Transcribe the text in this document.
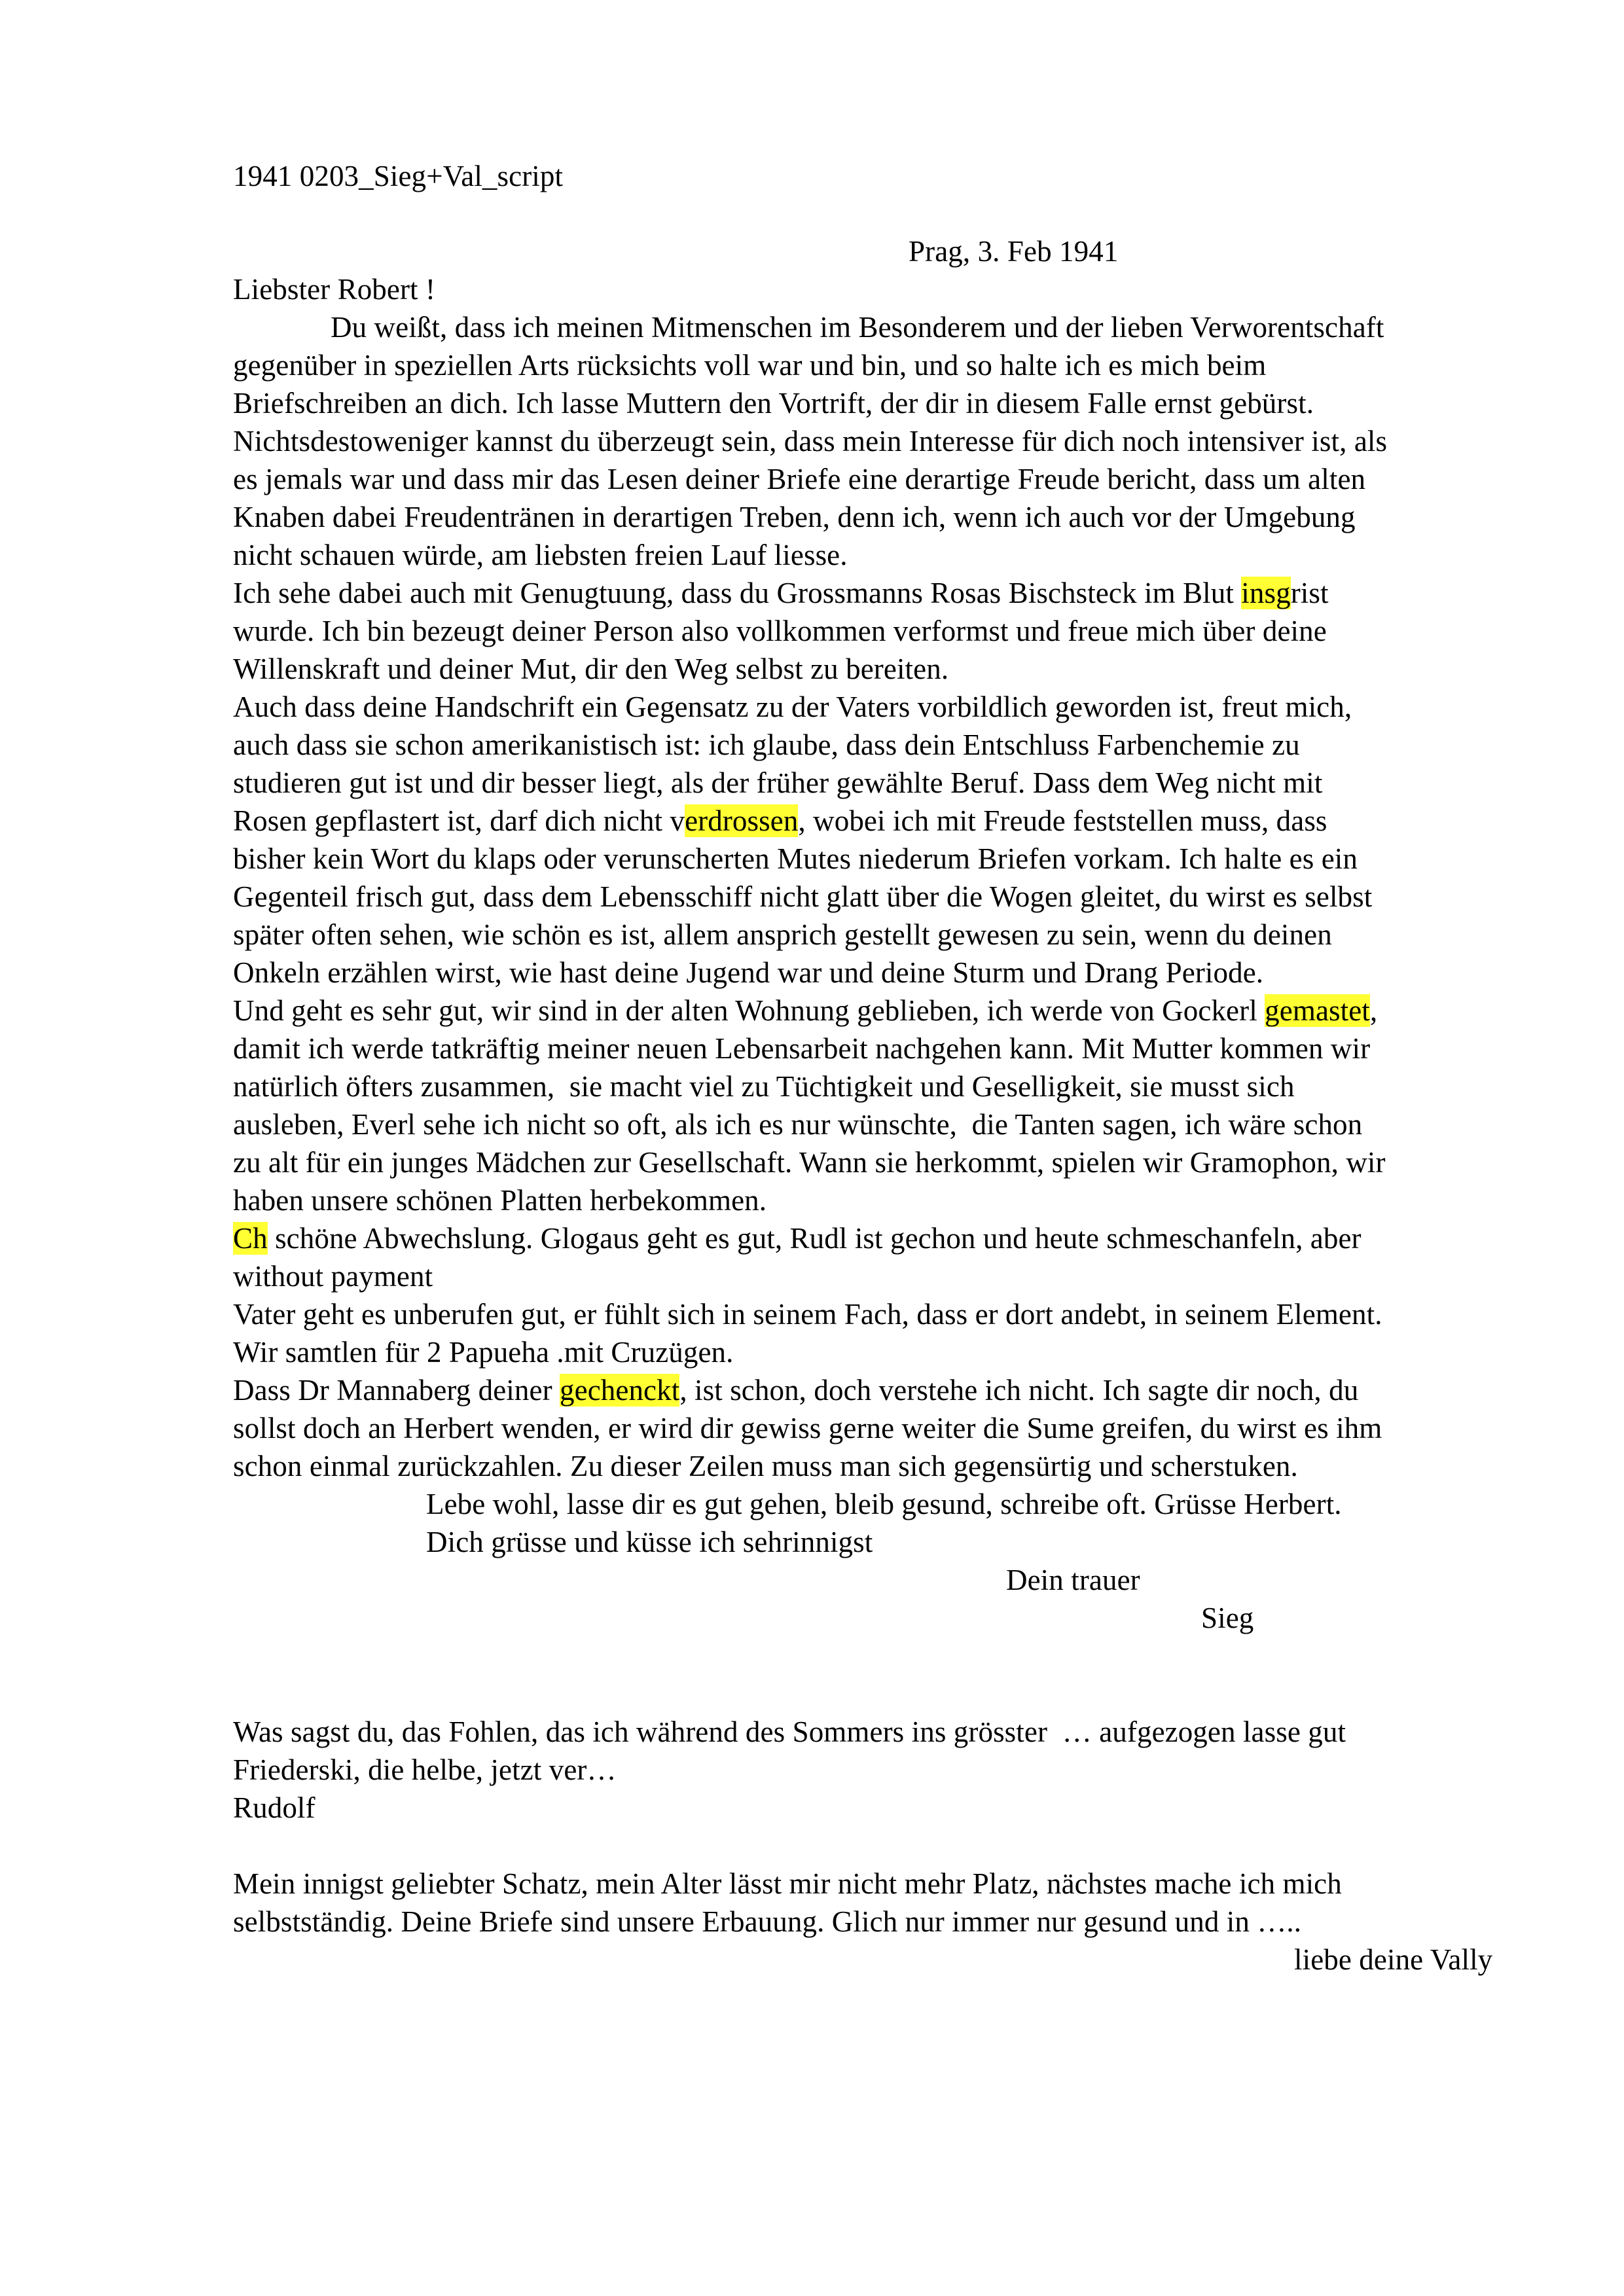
1941 0203_Sieg+Val_script
Prag, 3. Feb 1941
Liebster Robert !
Du weißt, dass ich meinen Mitmenschen im Besonderem und der lieben Verworentschaft
gegenüber in speziellen Arts rücksichts voll war und bin, und so halte ich es mich beim
Briefschreiben an dich. Ich lasse Muttern den Vortrift, der dir in diesem Falle ernst gebürst.
Nichtsdestoweniger kannst du überzeugt sein, dass mein Interesse für dich noch intensiver ist, als
es jemals war und dass mir das Lesen deiner Briefe eine derartige Freude bericht, dass um alten
Knaben dabei Freudentränen in derartigen Treben, denn ich, wenn ich auch vor der Umgebung
nicht schauen würde, am liebsten freien Lauf liesse.
Ich sehe dabei auch mit Genugtuung, dass du Grossmanns Rosas Bischsteck im Blut insgrist
wurde. Ich bin bezeugt deiner Person also vollkommen verformst und freue mich über deine
Willenskraft und deiner Mut, dir den Weg selbst zu bereiten.
Auch dass deine Handschrift ein Gegensatz zu der Vaters vorbildlich geworden ist, freut mich,
auch dass sie schon amerikanistisch ist: ich glaube, dass dein Entschluss Farbenchemie zu
studieren gut ist und dir besser liegt, als der früher gewählte Beruf. Dass dem Weg nicht mit
Rosen gepflastert ist, darf dich nicht verdrossen, wobei ich mit Freude feststellen muss, dass
bisher kein Wort du klaps oder verunscherten Mutes niederum Briefen vorkam. Ich halte es ein
Gegenteil frisch gut, dass dem Lebensschiff nicht glatt über die Wogen gleitet, du wirst es selbst
später often sehen, wie schön es ist, allem ansprich gestellt gewesen zu sein, wenn du deinen
Onkeln erzählen wirst, wie hast deine Jugend war und deine Sturm und Drang Periode.
Und geht es sehr gut, wir sind in der alten Wohnung geblieben, ich werde von Gockerl gemastet,
damit ich werde tatkräftig meiner neuen Lebensarbeit nachgehen kann. Mit Mutter kommen wir
natürlich öfters zusammen,  sie macht viel zu Tüchtigkeit und Geselligkeit, sie musst sich
ausleben, Everl sehe ich nicht so oft, als ich es nur wünschte,  die Tanten sagen, ich wäre schon
zu alt für ein junges Mädchen zur Gesellschaft. Wann sie herkommt, spielen wir Gramophon, wir
haben unsere schönen Platten herbekommen.
Ch schöne Abwechslung. Glogaus geht es gut, Rudl ist gechon und heute schmeschanfeln, aber
without payment
Vater geht es unberufen gut, er fühlt sich in seinem Fach, dass er dort andebt, in seinem Element.
Wir samtlen für 2 Papueha .mit Cruzügen.
Dass Dr Mannaberg deiner gechenckt, ist schon, doch verstehe ich nicht. Ich sagte dir noch, du
sollst doch an Herbert wenden, er wird dir gewiss gerne weiter die Sume greifen, du wirst es ihm
schon einmal zurückzahlen. Zu dieser Zeilen muss man sich gegensürtig und scherstuken.
Lebe wohl, lasse dir es gut gehen, bleib gesund, schreibe oft. Grüsse Herbert.
Dich grüsse und küsse ich sehrinnigst
Dein trauer
Sieg
Was sagst du, das Fohlen, das ich während des Sommers ins grösster  … aufgezogen lasse gut
Friederski, die helbe, jetzt ver…
Rudolf
Mein innigst geliebter Schatz, mein Alter lässt mir nicht mehr Platz, nächstes mache ich mich
selbstständig. Deine Briefe sind unsere Erbauung. Glich nur immer nur gesund und in …..
liebe deine Vally
